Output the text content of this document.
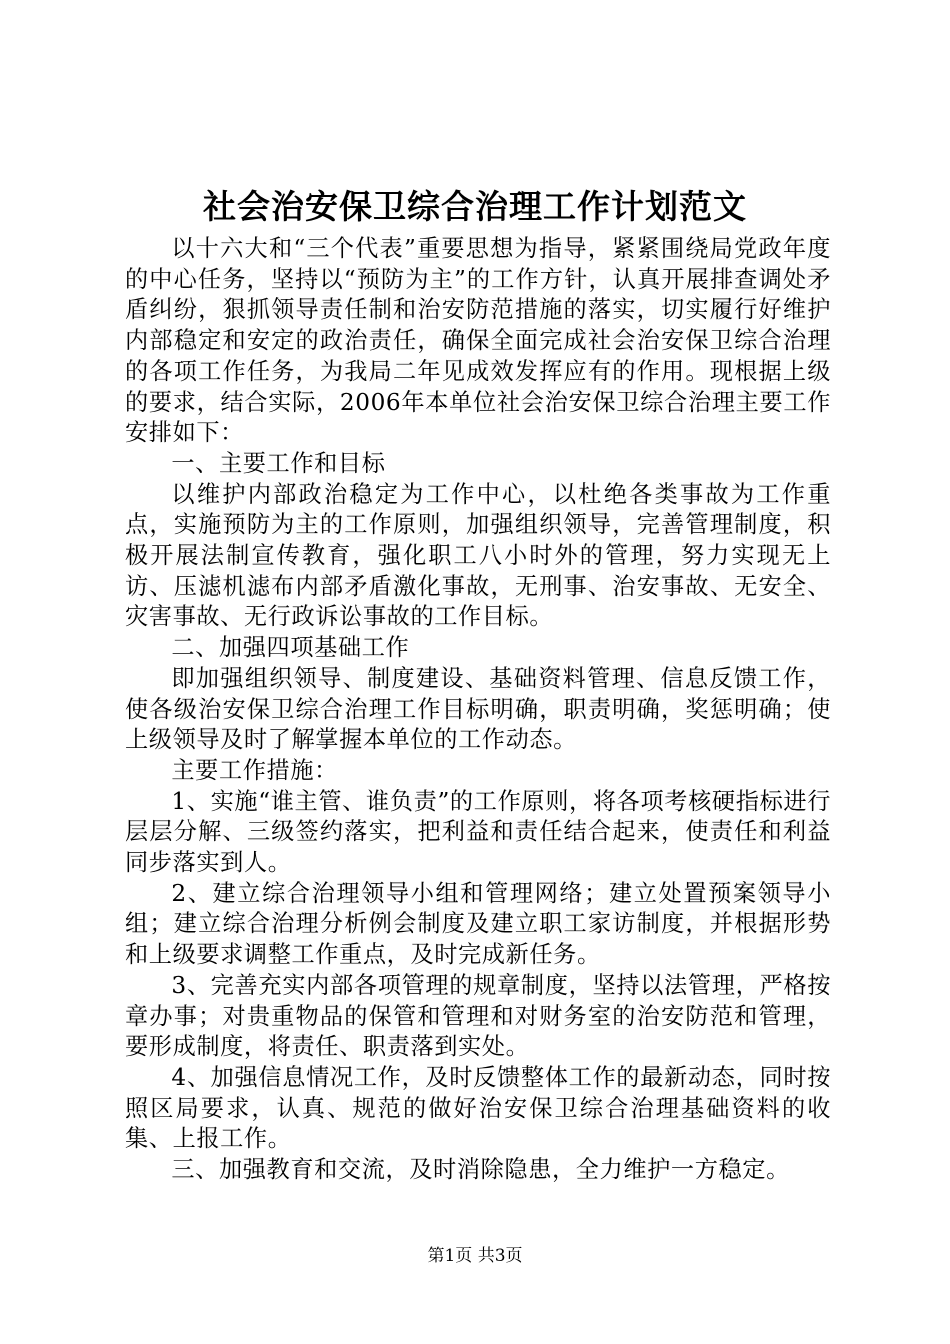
社会治安保卫综合治理工作计划范文

以十六大和“三个代表”重要思想为指导，紧紧围绕局党政年度的中心任务，坚持以“预防为主”的工作方针，认真开展排查调处矛盾纠纷，狠抓领导责任制和治安防范措施的落实，切实履行好维护内部稳定和安定的政治责任，确保全面完成社会治安保卫综合治理的各项工作任务，为我局二年见成效发挥应有的作用。现根据上级的要求，结合实际，2006年本单位社会治安保卫综合治理主要工作安排如下：

一、主要工作和目标

以维护内部政治稳定为工作中心，以杜绝各类事故为工作重点，实施预防为主的工作原则，加强组织领导，完善管理制度，积极开展法制宣传教育，强化职工八小时外的管理，努力实现无上访、压滤机滤布内部矛盾激化事故，无刑事、治安事故、无安全、灾害事故、无行政诉讼事故的工作目标。

二、加强四项基础工作

即加强组织领导、制度建设、基础资料管理、信息反馈工作，使各级治安保卫综合治理工作目标明确，职责明确，奖惩明确；使上级领导及时了解掌握本单位的工作动态。

主要工作措施：

1、实施“谁主管、谁负责”的工作原则，将各项考核硬指标进行层层分解、三级签约落实，把利益和责任结合起来，使责任和利益同步落实到人。

2、建立综合治理领导小组和管理网络；建立处置预案领导小组；建立综合治理分析例会制度及建立职工家访制度，并根据形势和上级要求调整工作重点，及时完成新任务。

3、完善充实内部各项管理的规章制度，坚持以法管理，严格按章办事；对贵重物品的保管和管理和对财务室的治安防范和管理，要形成制度，将责任、职责落到实处。

4、加强信息情况工作，及时反馈整体工作的最新动态，同时按照区局要求，认真、规范的做好治安保卫综合治理基础资料的收集、上报工作。

三、加强教育和交流，及时消除隐患，全力维护一方稳定。

第1页 共3页
